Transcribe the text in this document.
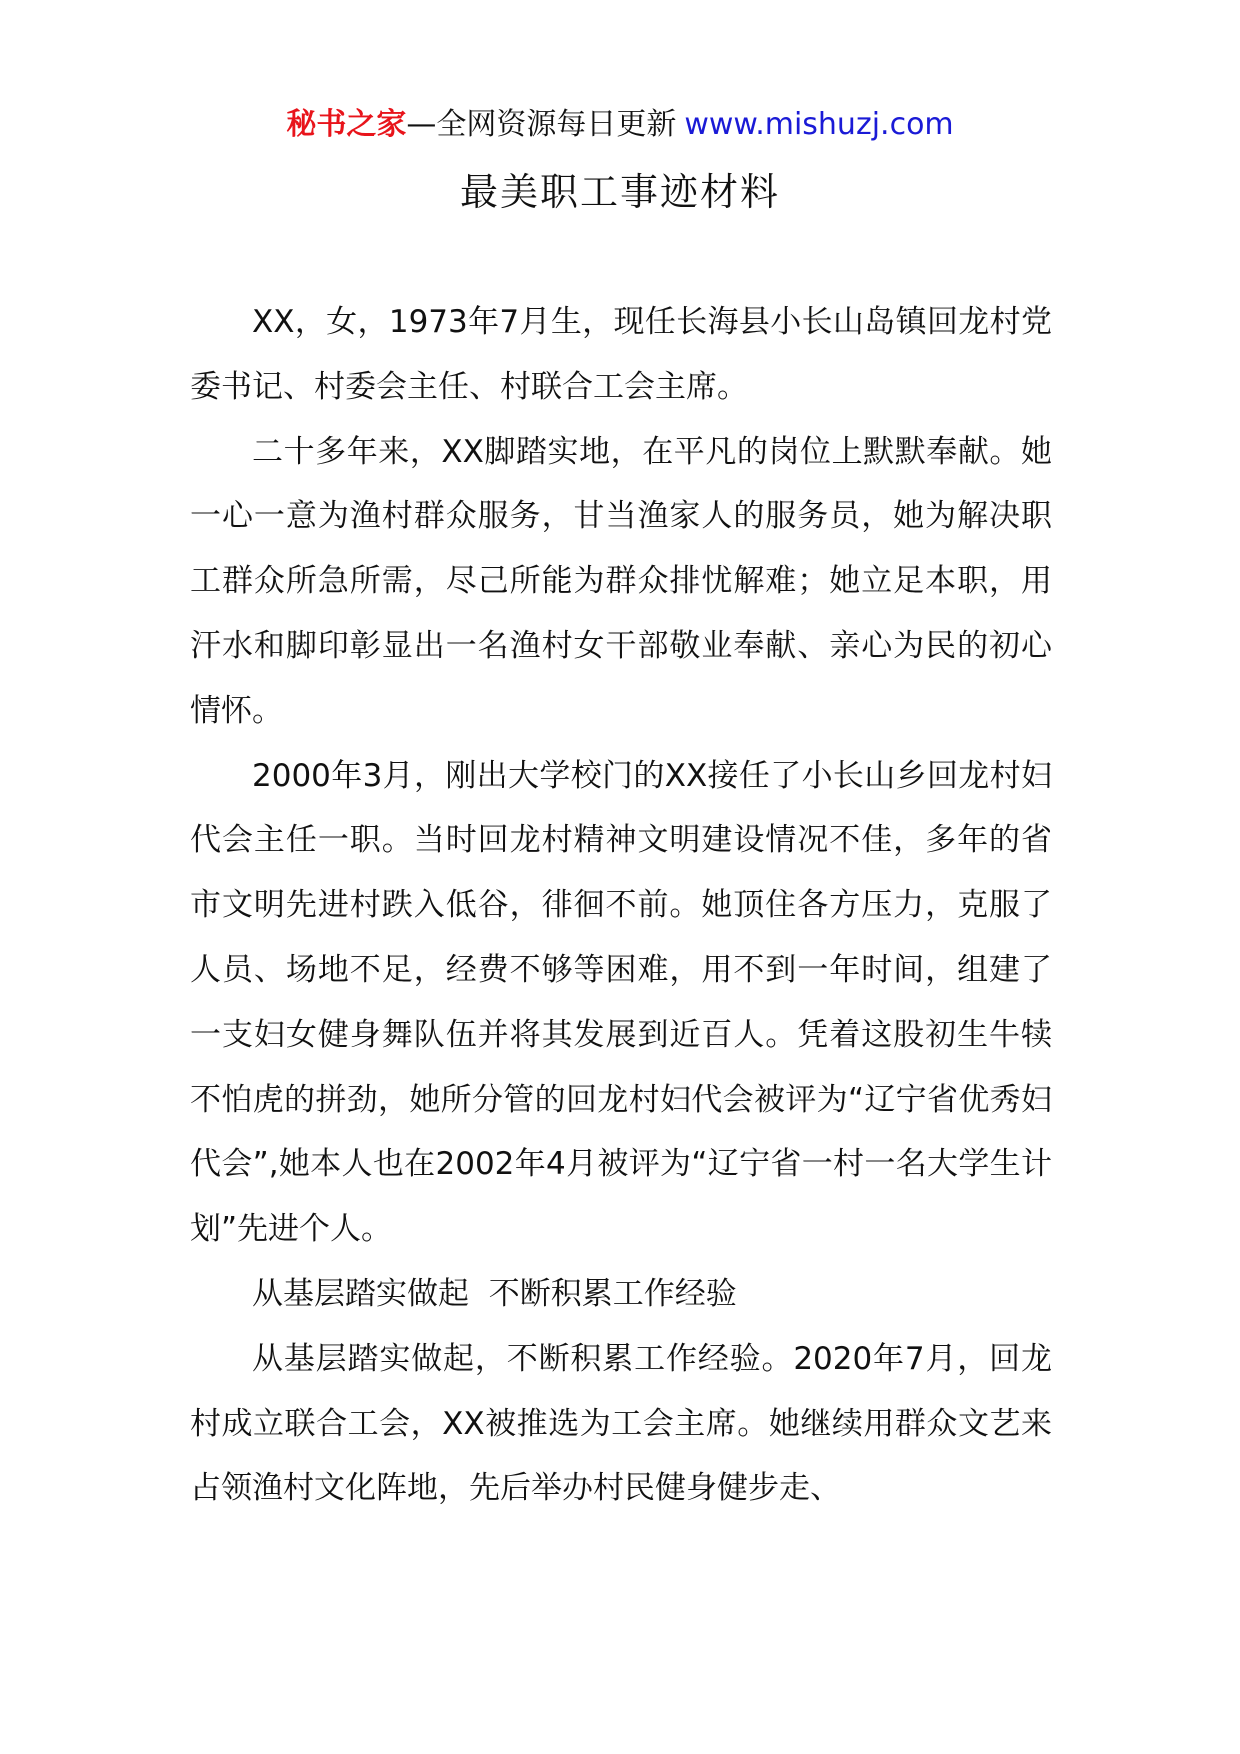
秘书之家—全网资源每日更新 www.mishuzj.com
最美职工事迹材料

XX，女，1973年7月生，现任长海县小长山岛镇回龙村党委书记、村委会主任、村联合工会主席。

二十多年来，XX脚踏实地，在平凡的岗位上默默奉献。她一心一意为渔村群众服务，甘当渔家人的服务员，她为解决职工群众所急所需，尽己所能为群众排忧解难；她立足本职，用汗水和脚印彰显出一名渔村女干部敬业奉献、亲心为民的初心情怀。

2000年3月，刚出大学校门的XX接任了小长山乡回龙村妇代会主任一职。当时回龙村精神文明建设情况不佳，多年的省市文明先进村跌入低谷，徘徊不前。她顶住各方压力，克服了人员、场地不足，经费不够等困难，用不到一年时间，组建了一支妇女健身舞队伍并将其发展到近百人。凭着这股初生牛犊不怕虎的拼劲，她所分管的回龙村妇代会被评为“辽宁省优秀妇代会”,她本人也在2002年4月被评为“辽宁省一村一名大学生计划”先进个人。

从基层踏实做起  不断积累工作经验

从基层踏实做起，不断积累工作经验。2020年7月，回龙村成立联合工会，XX被推选为工会主席。她继续用群众文艺来占领渔村文化阵地，先后举办村民健身健步走、
